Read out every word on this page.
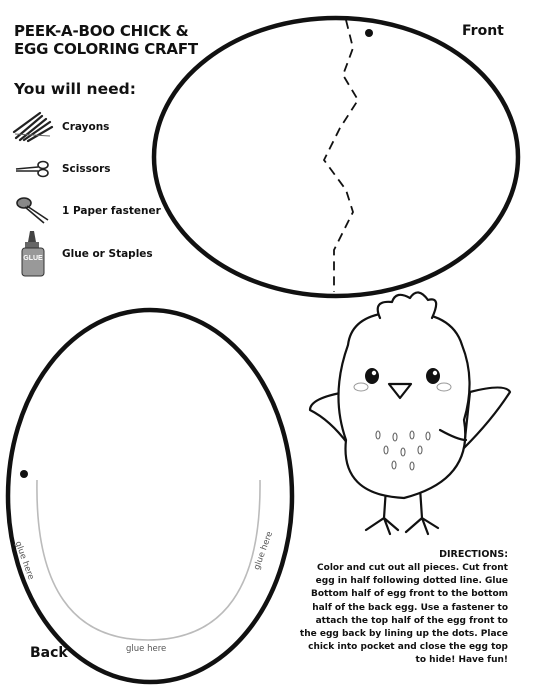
PEEK-A-BOO CHICK & EGG COLORING CRAFT
You will need:
Crayons
Scissors
1 Paper fastener
GLUE Glue or Staples
glue here	glue here
glue here
Front
Back
DIRECTIONS:
Color and cut out all pieces. Cut front egg in half following dotted line. Glue Bottom half of egg front to the bottom half of the back egg. Use a fastener to attach the top half of the egg front to the egg back by lining up the dots. Place chick into pocket and close the egg top to hide! Have fun!
